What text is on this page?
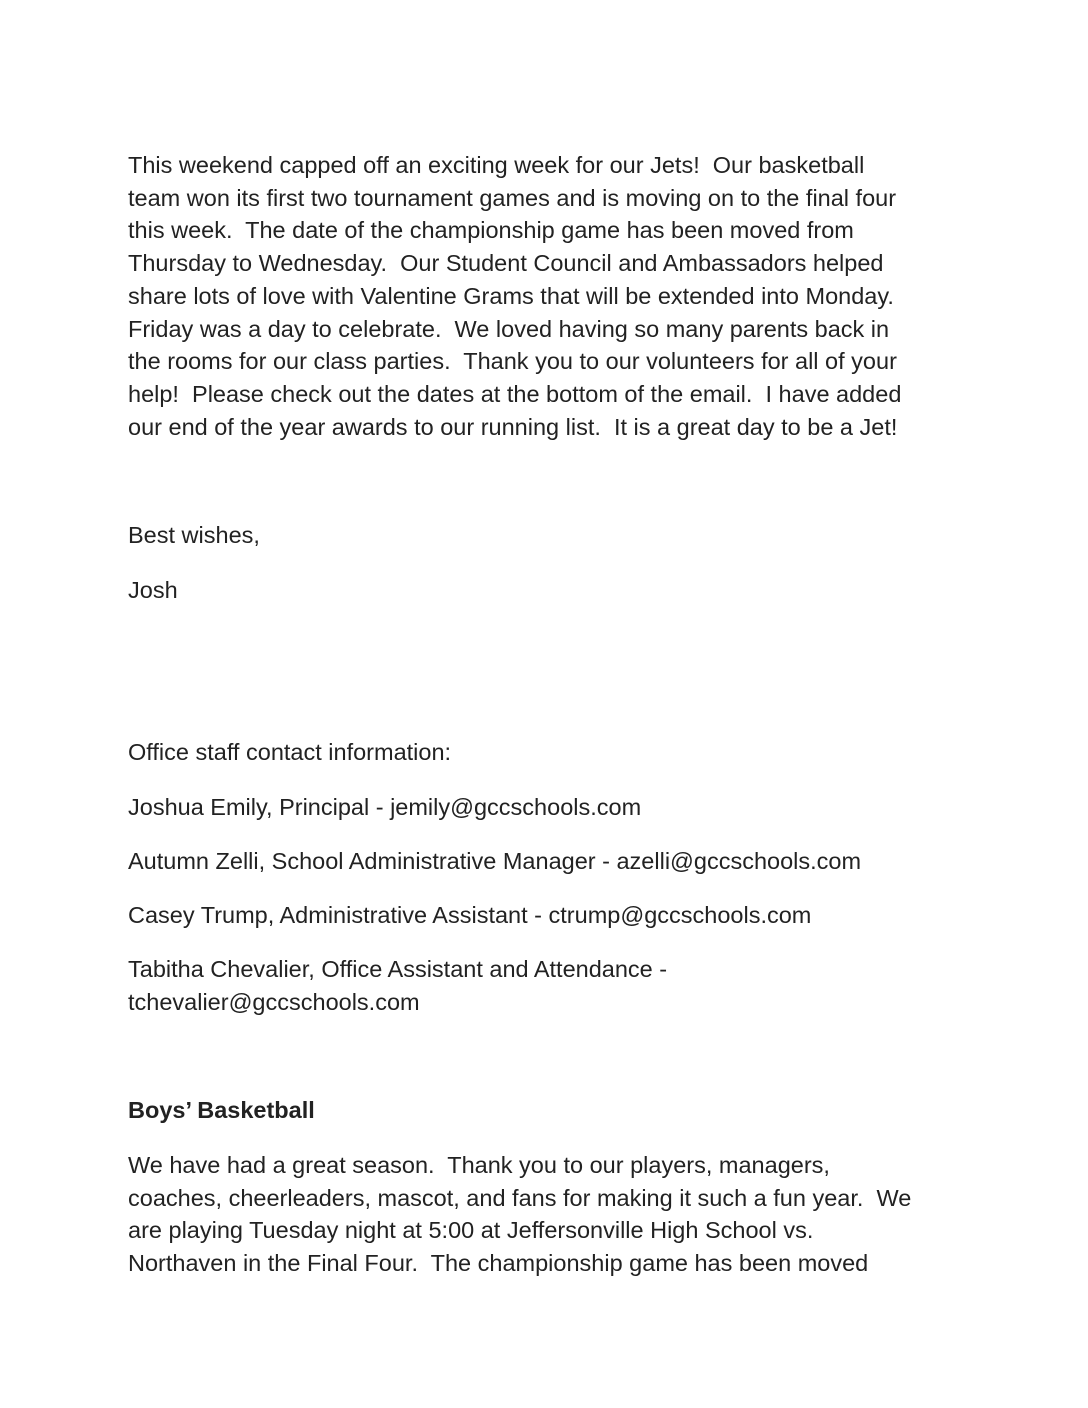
This weekend capped off an exciting week for our Jets!  Our basketball
team won its first two tournament games and is moving on to the final four
this week.  The date of the championship game has been moved from
Thursday to Wednesday.  Our Student Council and Ambassadors helped
share lots of love with Valentine Grams that will be extended into Monday.
Friday was a day to celebrate.  We loved having so many parents back in
the rooms for our class parties.  Thank you to our volunteers for all of your
help!  Please check out the dates at the bottom of the email.  I have added
our end of the year awards to our running list.  It is a great day to be a Jet!
Best wishes,
Josh
Office staff contact information:
Joshua Emily, Principal - jemily@gccschools.com
Autumn Zelli, School Administrative Manager - azelli@gccschools.com
Casey Trump, Administrative Assistant - ctrump@gccschools.com
Tabitha Chevalier, Office Assistant and Attendance -
tchevalier@gccschools.com
Boys’ Basketball
We have had a great season.  Thank you to our players, managers,
coaches, cheerleaders, mascot, and fans for making it such a fun year.  We
are playing Tuesday night at 5:00 at Jeffersonville High School vs.
Northaven in the Final Four.  The championship game has been moved
